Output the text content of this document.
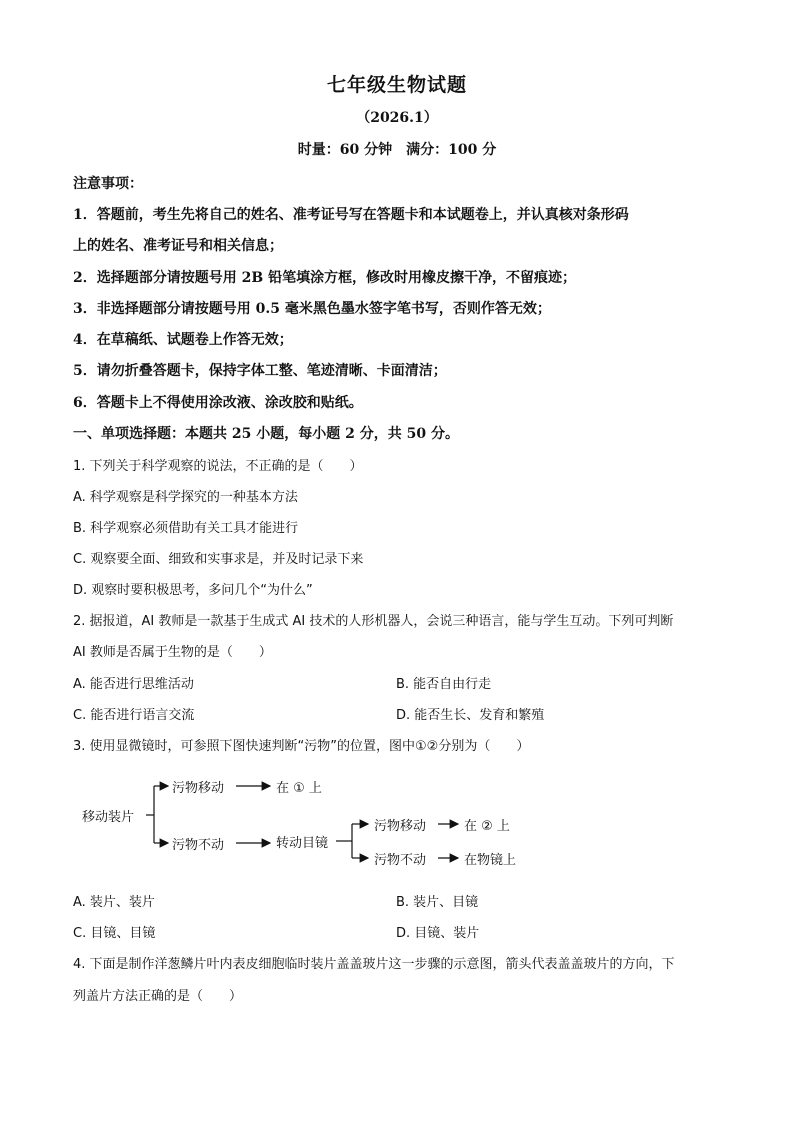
七年级生物试题
（2026.1）
时量：60 分钟　满分：100 分
注意事项：
1．答题前，考生先将自己的姓名、准考证号写在答题卡和本试题卷上，并认真核对条形码
上的姓名、准考证号和相关信息；
2．选择题部分请按题号用 2B 铅笔填涂方框，修改时用橡皮擦干净，不留痕迹；
3．非选择题部分请按题号用 0.5 毫米黑色墨水签字笔书写，否则作答无效；
4．在草稿纸、试题卷上作答无效；
5．请勿折叠答题卡，保持字体工整、笔迹清晰、卡面清洁；
6．答题卡上不得使用涂改液、涂改胶和贴纸。
一、单项选择题：本题共 25 小题，每小题 2 分，共 50 分。
1. 下列关于科学观察的说法，不正确的是（　　）
A. 科学观察是科学探究的一种基本方法
B. 科学观察必须借助有关工具才能进行
C. 观察要全面、细致和实事求是，并及时记录下来
D. 观察时要积极思考，多问几个“为什么”
2. 据报道，AI 教师是一款基于生成式 AI 技术的人形机器人，会说三种语言，能与学生互动。下列可判断
AI 教师是否属于生物的是（　　）
A. 能否进行思维活动	B. 能否自由行走
C. 能否进行语言交流	D. 能否生长、发育和繁殖
3. 使用显微镜时，可参照下图快速判断“污物”的位置，图中①②分别为（　　）
移动装片
污物移动	在 ① 上
污物不动	转动目镜
污物移动	在 ② 上
污物不动	在物镜上
A. 装片、装片	B. 装片、目镜
C. 目镜、目镜	D. 目镜、装片
4. 下面是制作洋葱鳞片叶内表皮细胞临时装片盖盖玻片这一步骤的示意图，箭头代表盖盖玻片的方向，下
列盖片方法正确的是（　　）
